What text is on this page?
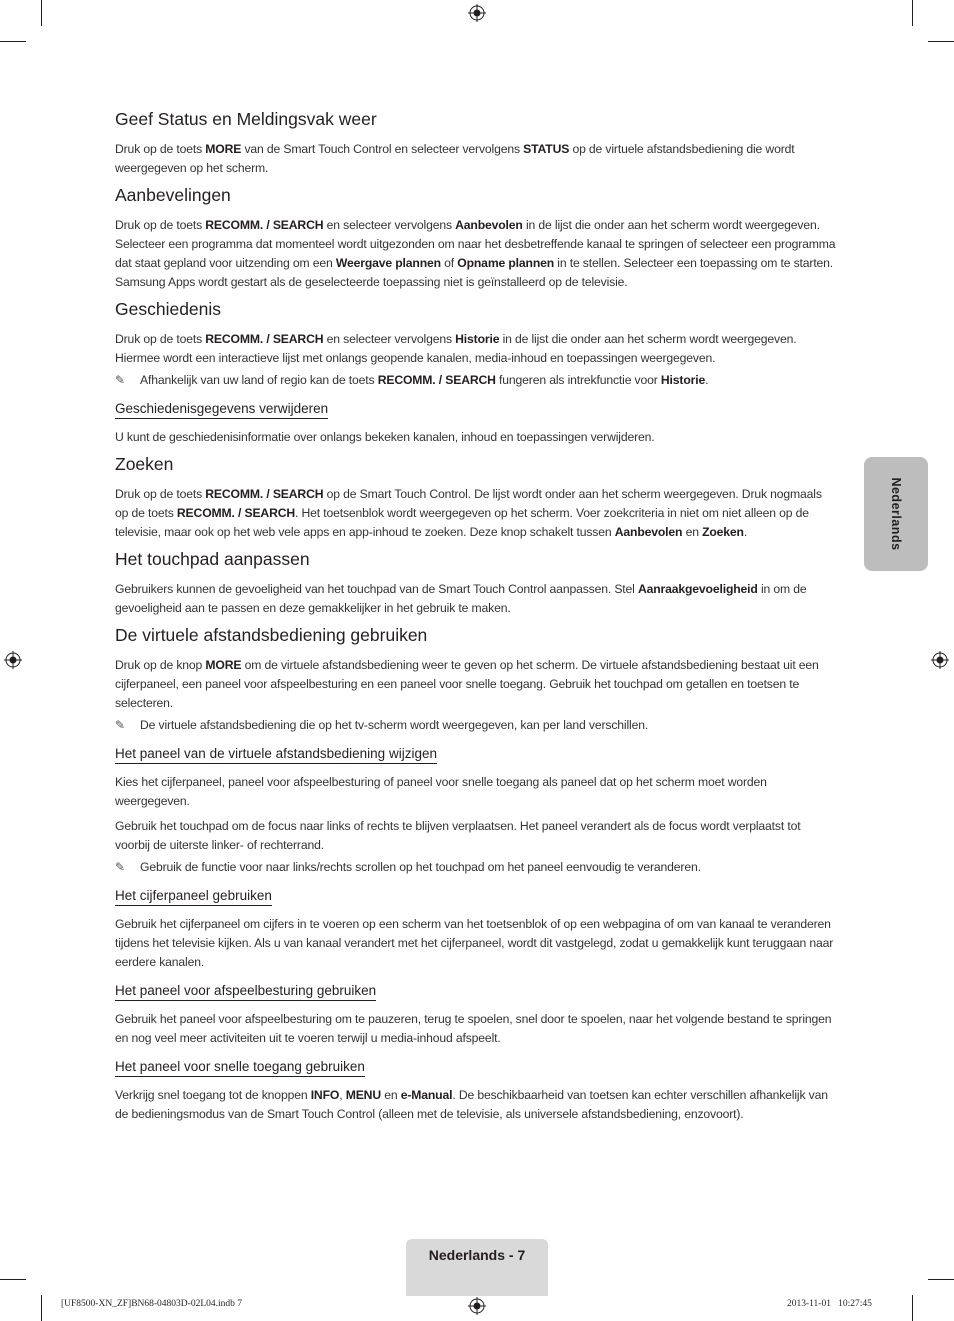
Nederlands
Geef Status en Meldingsvak weer

Druk op de toets MORE van de Smart Touch Control en selecteer vervolgens STATUS op de virtuele afstandsbediening die wordt weergegeven op het scherm.

Aanbevelingen

Druk op de toets RECOMM. / SEARCH en selecteer vervolgens Aanbevolen in de lijst die onder aan het scherm wordt weergegeven. Selecteer een programma dat momenteel wordt uitgezonden om naar het desbetreffende kanaal te springen of selecteer een programma dat staat gepland voor uitzending om een Weergave plannen of Opname plannen in te stellen. Selecteer een toepassing om te starten. Samsung Apps wordt gestart als de geselecteerde toepassing niet is geïnstalleerd op de televisie.

Geschiedenis

Druk op de toets RECOMM. / SEARCH en selecteer vervolgens Historie in de lijst die onder aan het scherm wordt weergegeven. Hiermee wordt een interactieve lijst met onlangs geopende kanalen, media-inhoud en toepassingen weergegeven.

✎ Afhankelijk van uw land of regio kan de toets RECOMM. / SEARCH fungeren als intrekfunctie voor Historie.

Geschiedenisgegevens verwijderen

U kunt de geschiedenisinformatie over onlangs bekeken kanalen, inhoud en toepassingen verwijderen.

Zoeken

Druk op de toets RECOMM. / SEARCH op de Smart Touch Control. De lijst wordt onder aan het scherm weergegeven. Druk nogmaals op de toets RECOMM. / SEARCH. Het toetsenblok wordt weergegeven op het scherm. Voer zoekcriteria in niet om niet alleen op de televisie, maar ook op het web vele apps en app-inhoud te zoeken. Deze knop schakelt tussen Aanbevolen en Zoeken.

Het touchpad aanpassen

Gebruikers kunnen de gevoeligheid van het touchpad van de Smart Touch Control aanpassen. Stel Aanraakgevoeligheid in om de gevoeligheid aan te passen en deze gemakkelijker in het gebruik te maken.

De virtuele afstandsbediening gebruiken

Druk op de knop MORE om de virtuele afstandsbediening weer te geven op het scherm. De virtuele afstandsbediening bestaat uit een cijferpaneel, een paneel voor afspeelbesturing en een paneel voor snelle toegang. Gebruik het touchpad om getallen en toetsen te selecteren.

✎ De virtuele afstandsbediening die op het tv-scherm wordt weergegeven, kan per land verschillen.

Het paneel van de virtuele afstandsbediening wijzigen

Kies het cijferpaneel, paneel voor afspeelbesturing of paneel voor snelle toegang als paneel dat op het scherm moet worden weergegeven.

Gebruik het touchpad om de focus naar links of rechts te blijven verplaatsen. Het paneel verandert als de focus wordt verplaatst tot voorbij de uiterste linker- of rechterrand.

✎ Gebruik de functie voor naar links/rechts scrollen op het touchpad om het paneel eenvoudig te veranderen.

Het cijferpaneel gebruiken

Gebruik het cijferpaneel om cijfers in te voeren op een scherm van het toetsenblok of op een webpagina of om van kanaal te veranderen tijdens het televisie kijken. Als u van kanaal verandert met het cijferpaneel, wordt dit vastgelegd, zodat u gemakkelijk kunt teruggaan naar eerdere kanalen.

Het paneel voor afspeelbesturing gebruiken

Gebruik het paneel voor afspeelbesturing om te pauzeren, terug te spoelen, snel door te spoelen, naar het volgende bestand te springen en nog veel meer activiteiten uit te voeren terwijl u media-inhoud afspeelt.

Het paneel voor snelle toegang gebruiken

Verkrijg snel toegang tot de knoppen INFO, MENU en e-Manual. De beschikbaarheid van toetsen kan echter verschillen afhankelijk van de bedieningsmodus van de Smart Touch Control (alleen met de televisie, als universele afstandsbediening, enzovoort).

Nederlands - 7
[UF8500-XN_ZF]BN68-04803D-02L04.indb 7	2013-11-01   10:27:45
